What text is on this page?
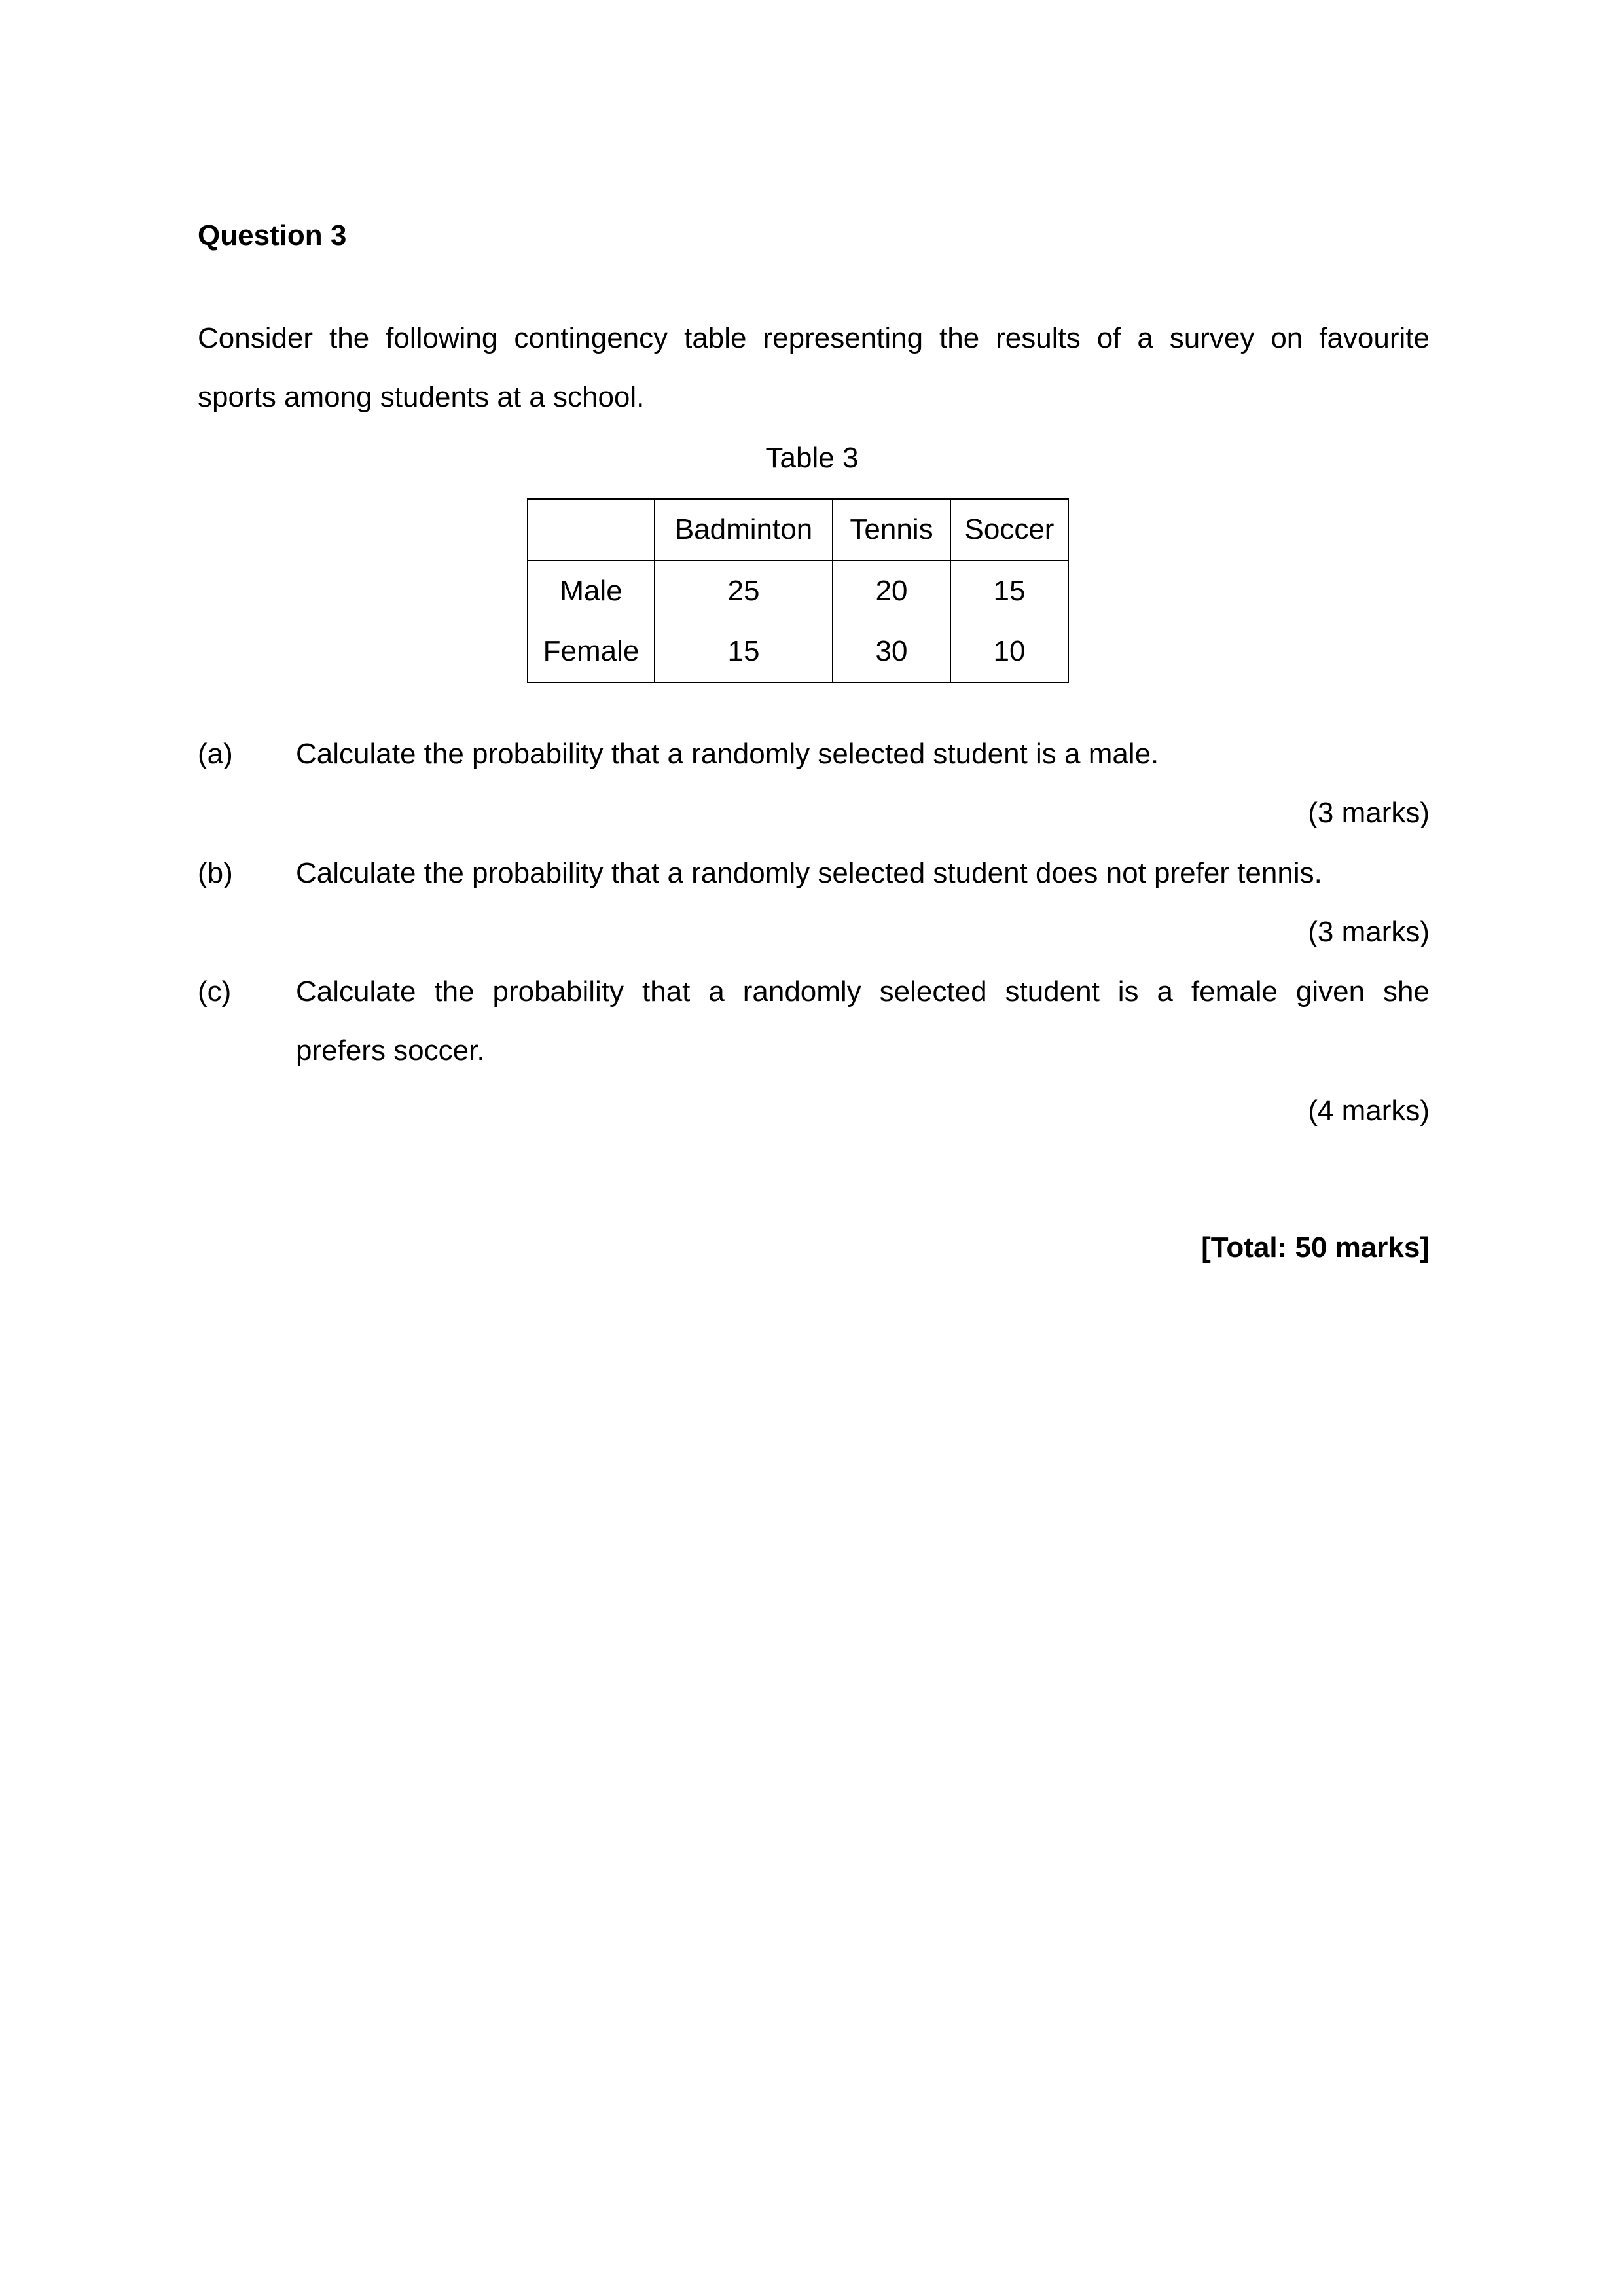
Question 3
Consider the following contingency table representing the results of a survey on favourite
sports among students at a school.
Table 3
	Badminton	Tennis	Soccer
Male	25	20	15
Female	15	30	10
(a) Calculate the probability that a randomly selected student is a male.
(3 marks)
(b) Calculate the probability that a randomly selected student does not prefer tennis.
(3 marks)
(c) Calculate the probability that a randomly selected student is a female given she
prefers soccer.
(4 marks)
[Total: 50 marks]
